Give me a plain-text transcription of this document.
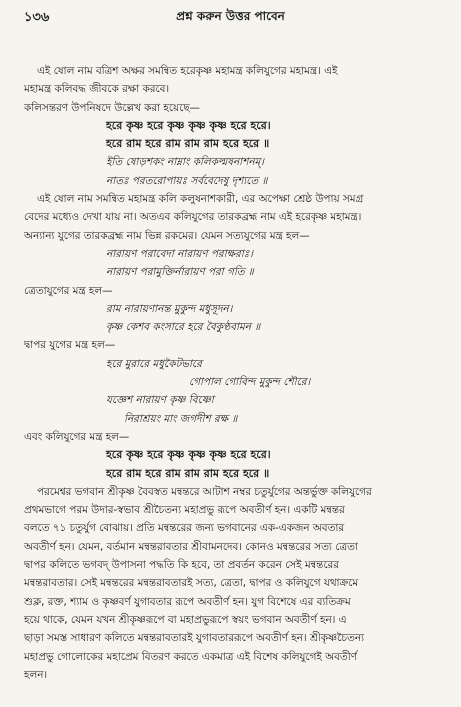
১৩৬	প্রশ্ন করুন উত্তর পাবেন
এই ষোল নাম বত্রিশ অক্ষর সমন্বিত হরেকৃষ্ণ মহামন্ত্র কলিযুগের মহামন্ত্র। এই
মহামন্ত্র কলিবদ্ধ জীবকে রক্ষা করবে।
কলিসন্তরণ উপনিষদে উল্লেখ করা হয়েছে—
হরে কৃষ্ণ হরে কৃষ্ণ কৃষ্ণ কৃষ্ণ হরে হরে।
হরে রাম হরে রাম রাম রাম হরে হরে ॥
ইতি ষোড়শকং নাম্নাং কলিকল্মষনাশনম্।
নাতঃ পরতরোপায়ঃ সর্ববেদেষু দৃশ্যতে ॥
এই ষোল নাম সমন্বিত মহামন্ত্র কলি কলুষনাশকারী, এর অপেক্ষা শ্রেষ্ঠ উপায় সমগ্র
বেদের মধ্যেও দেখা যায় না। অতএব কলিযুগের তারকব্রহ্ম নাম এই হরেকৃষ্ণ মহামন্ত্র।
অন্যান্য যুগের তারকব্রহ্ম নাম ভিন্ন রকমের। যেমন সত্যযুগের মন্ত্র হল—
নারায়ণ পরাবেদা নারায়ণ পরাক্ষরাঃ।
নারায়ণ পরামুক্তির্নারায়ণ পরা গতি ॥
ত্রেতাযুগের মন্ত্র হল—
রাম নারায়ণানন্ত মুকুন্দ মধুসূদন।
কৃষ্ণ কেশব কংসারে হরে বৈকুণ্ঠবামন ॥
দ্বাপর যুগের মন্ত্র হল—
হরে মুরারে মধুকৈটভারে
গোপাল গোবিন্দ মুকুন্দ শৌরে।
যজ্ঞেশ নারায়ণ কৃষ্ণ বিষ্ণো
নিরাশ্রয়ং মাং জগদীশ রক্ষ ॥
এবং কলিযুগের মন্ত্র হল—
হরে কৃষ্ণ হরে কৃষ্ণ কৃষ্ণ কৃষ্ণ হরে হরে।
হরে রাম হরে রাম রাম রাম হরে হরে ॥
পরমেশ্বর ভগবান শ্রীকৃষ্ণ বৈবস্বত মন্বন্তরে আটাশ নম্বর চতুর্যুগের অন্তর্ভুক্ত কলিযুগের
প্রথমভাগে পরম উদার-স্বভাব শ্রীচৈতন্য মহাপ্রভু রূপে অবতীর্ণ হন। একটি মন্বন্তর
বলতে ৭১ চতুর্যুগ বোঝায়। প্রতি মন্বন্তরের জন্য ভগবানের এক-একজন অবতার
অবতীর্ণ হন। যেমন, বর্তমান মন্বন্তরাবতার শ্রীবামনদেব। কোনও মন্বন্তরের সত্য ত্রেতা
দ্বাপর কলিতে ভগবদ্ উপাসনা পদ্ধতি কি হবে, তা প্রবর্তন করেন সেই মন্বন্তরের
মন্বন্তরাবতার। সেই মন্বন্তরের মন্বন্তরাবতারই সত্য, ত্রেতা, দ্বাপর ও কলিযুগে যথাক্রমে
শুক্ল, রক্ত, শ্যাম ও কৃষ্ণবর্ণ যুগাবতার রূপে অবতীর্ণ হন। যুগ বিশেষে এর ব্যতিক্রম
হয়ে থাকে, যেমন যখন শ্রীকৃষ্ণরূপে বা মহাপ্রভুরূপে স্বয়ং ভগবান অবতীর্ণ হন। এ
ছাড়া সমস্ত সাধারণ কলিতে মন্বন্তরাবতারই যুগাবতাররূপে অবতীর্ণ হন। শ্রীকৃষ্ণচৈতন্য
মহাপ্রভু গোলোকের মহাপ্রেম বিতরণ করতে একমাত্র এই বিশেষ কলিযুগেই অবতীর্ণ
হলন।
